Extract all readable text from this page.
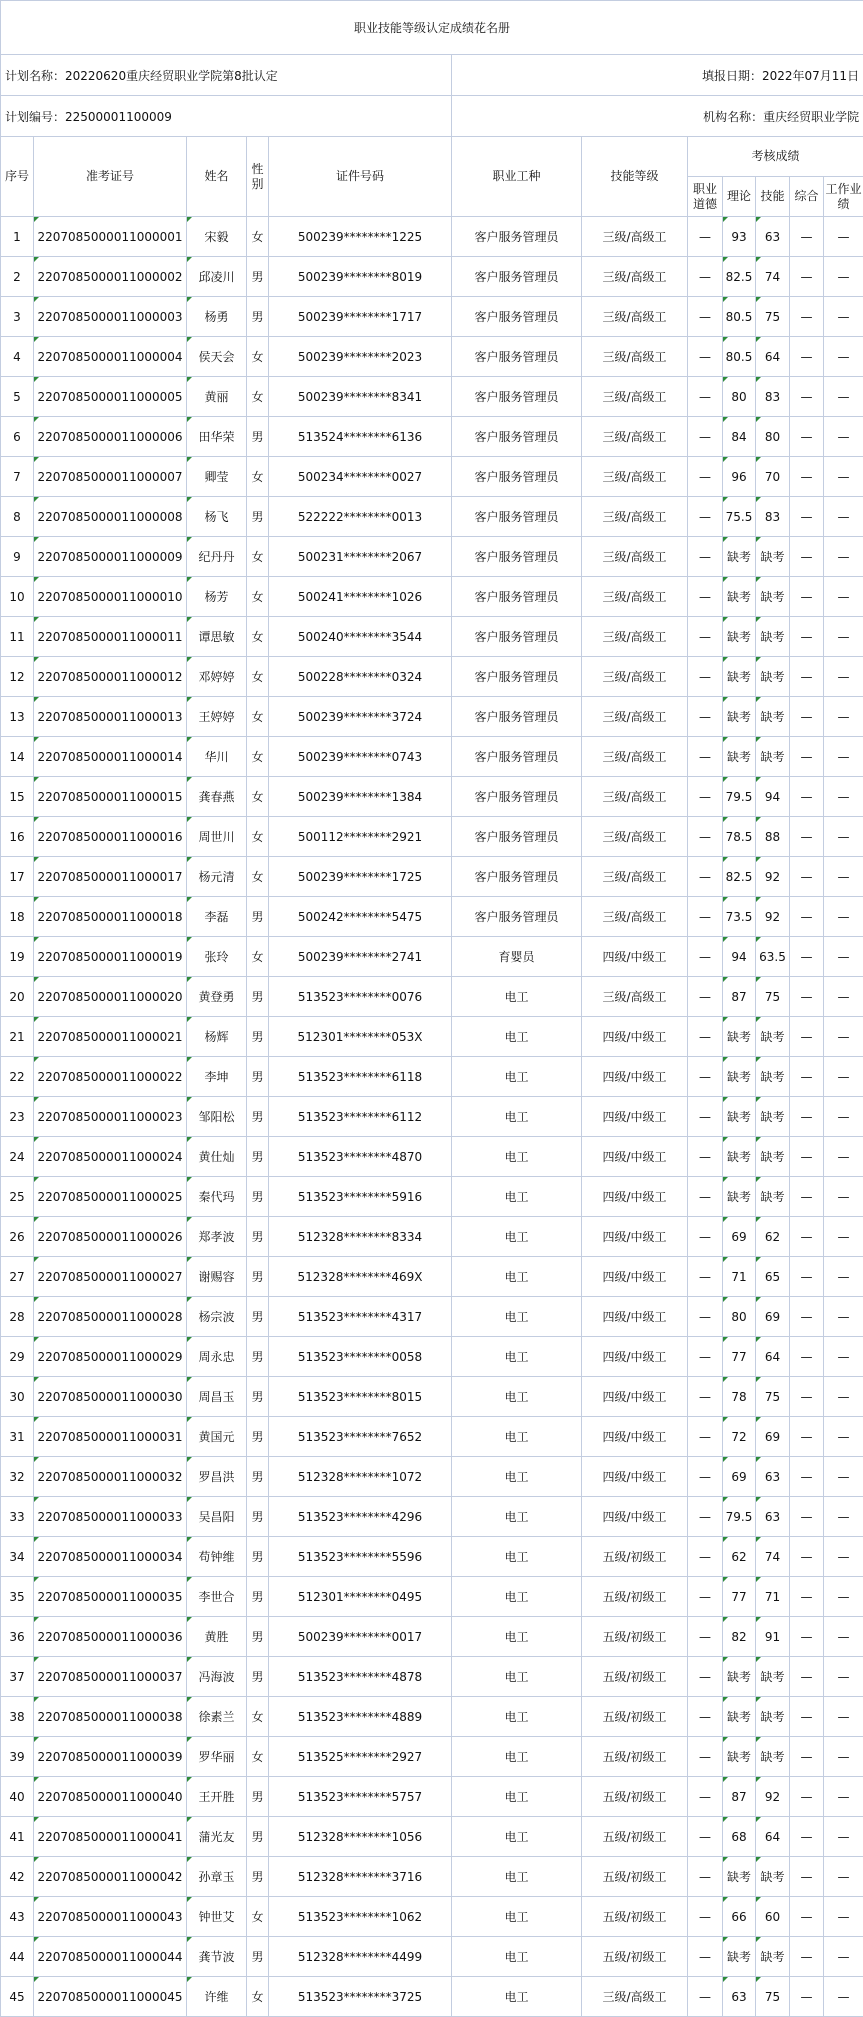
职业技能等级认定成绩花名册											
计划名称：20220620重庆经贸职业学院第8批认定					填报日期：2022年07月11日						
计划编号：22500001100009					机构名称：重庆经贸职业学院						
序号	准考证号	姓名	性别	证件号码	职业工种	技能等级	考核成绩				
							职业道德	理论	技能	综合	工作业绩
1	2207085000011000001	宋毅	女	500239********1225	客户服务管理员	三级/高级工	—	93	63	—	—
2	2207085000011000002	邱凌川	男	500239********8019	客户服务管理员	三级/高级工	—	82.5	74	—	—
3	2207085000011000003	杨勇	男	500239********1717	客户服务管理员	三级/高级工	—	80.5	75	—	—
4	2207085000011000004	侯天会	女	500239********2023	客户服务管理员	三级/高级工	—	80.5	64	—	—
5	2207085000011000005	黄丽	女	500239********8341	客户服务管理员	三级/高级工	—	80	83	—	—
6	2207085000011000006	田华荣	男	513524********6136	客户服务管理员	三级/高级工	—	84	80	—	—
7	2207085000011000007	卿莹	女	500234********0027	客户服务管理员	三级/高级工	—	96	70	—	—
8	2207085000011000008	杨飞	男	522222********0013	客户服务管理员	三级/高级工	—	75.5	83	—	—
9	2207085000011000009	纪丹丹	女	500231********2067	客户服务管理员	三级/高级工	—	缺考	缺考	—	—
10	2207085000011000010	杨芳	女	500241********1026	客户服务管理员	三级/高级工	—	缺考	缺考	—	—
11	2207085000011000011	谭思敏	女	500240********3544	客户服务管理员	三级/高级工	—	缺考	缺考	—	—
12	2207085000011000012	邓婷婷	女	500228********0324	客户服务管理员	三级/高级工	—	缺考	缺考	—	—
13	2207085000011000013	王婷婷	女	500239********3724	客户服务管理员	三级/高级工	—	缺考	缺考	—	—
14	2207085000011000014	华川	女	500239********0743	客户服务管理员	三级/高级工	—	缺考	缺考	—	—
15	2207085000011000015	龚春燕	女	500239********1384	客户服务管理员	三级/高级工	—	79.5	94	—	—
16	2207085000011000016	周世川	女	500112********2921	客户服务管理员	三级/高级工	—	78.5	88	—	—
17	2207085000011000017	杨元清	女	500239********1725	客户服务管理员	三级/高级工	—	82.5	92	—	—
18	2207085000011000018	李磊	男	500242********5475	客户服务管理员	三级/高级工	—	73.5	92	—	—
19	2207085000011000019	张玲	女	500239********2741	育婴员	四级/中级工	—	94	63.5	—	—
20	2207085000011000020	黄登勇	男	513523********0076	电工	三级/高级工	—	87	75	—	—
21	2207085000011000021	杨辉	男	512301********053X	电工	四级/中级工	—	缺考	缺考	—	—
22	2207085000011000022	李坤	男	513523********6118	电工	四级/中级工	—	缺考	缺考	—	—
23	2207085000011000023	邹阳松	男	513523********6112	电工	四级/中级工	—	缺考	缺考	—	—
24	2207085000011000024	黄仕灿	男	513523********4870	电工	四级/中级工	—	缺考	缺考	—	—
25	2207085000011000025	秦代玛	男	513523********5916	电工	四级/中级工	—	缺考	缺考	—	—
26	2207085000011000026	郑孝波	男	512328********8334	电工	四级/中级工	—	69	62	—	—
27	2207085000011000027	谢赐容	男	512328********469X	电工	四级/中级工	—	71	65	—	—
28	2207085000011000028	杨宗波	男	513523********4317	电工	四级/中级工	—	80	69	—	—
29	2207085000011000029	周永忠	男	513523********0058	电工	四级/中级工	—	77	64	—	—
30	2207085000011000030	周昌玉	男	513523********8015	电工	四级/中级工	—	78	75	—	—
31	2207085000011000031	黄国元	男	513523********7652	电工	四级/中级工	—	72	69	—	—
32	2207085000011000032	罗昌洪	男	512328********1072	电工	四级/中级工	—	69	63	—	—
33	2207085000011000033	吴昌阳	男	513523********4296	电工	四级/中级工	—	79.5	63	—	—
34	2207085000011000034	苟钟维	男	513523********5596	电工	五级/初级工	—	62	74	—	—
35	2207085000011000035	李世合	男	512301********0495	电工	五级/初级工	—	77	71	—	—
36	2207085000011000036	黄胜	男	500239********0017	电工	五级/初级工	—	82	91	—	—
37	2207085000011000037	冯海波	男	513523********4878	电工	五级/初级工	—	缺考	缺考	—	—
38	2207085000011000038	徐素兰	女	513523********4889	电工	五级/初级工	—	缺考	缺考	—	—
39	2207085000011000039	罗华丽	女	513525********2927	电工	五级/初级工	—	缺考	缺考	—	—
40	2207085000011000040	王开胜	男	513523********5757	电工	五级/初级工	—	87	92	—	—
41	2207085000011000041	蒲光友	男	512328********1056	电工	五级/初级工	—	68	64	—	—
42	2207085000011000042	孙章玉	男	512328********3716	电工	五级/初级工	—	缺考	缺考	—	—
43	2207085000011000043	钟世艾	女	513523********1062	电工	五级/初级工	—	66	60	—	—
44	2207085000011000044	龚节波	男	512328********4499	电工	五级/初级工	—	缺考	缺考	—	—
45	2207085000011000045	许维	女	513523********3725	电工	三级/高级工	—	63	75	—	—
